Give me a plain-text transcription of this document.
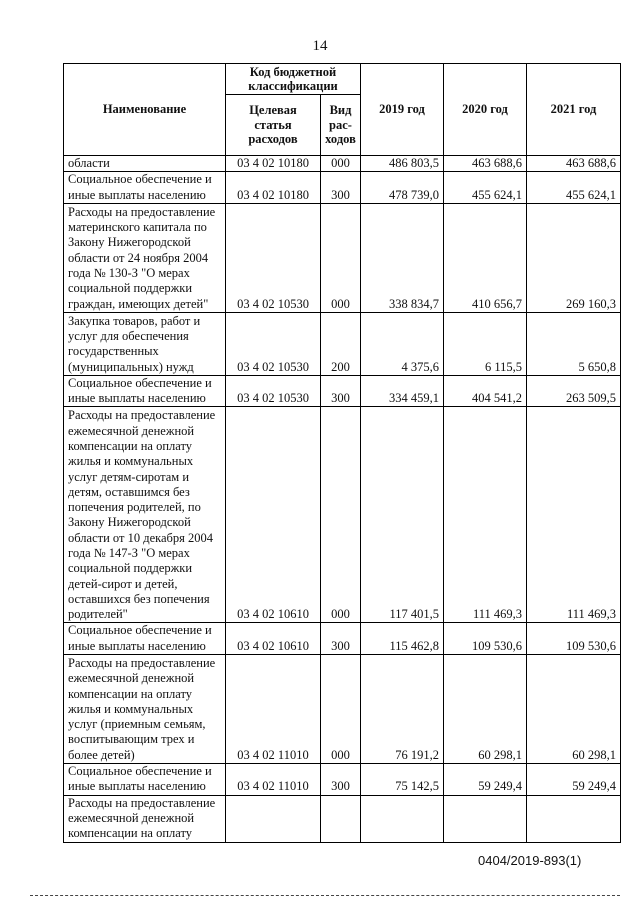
14
Наименование	Код бюджетной классификации		2019 год	2020 год	2021 год
	Целевая статья расходов	Вид рас-ходов			
области	03 4 02 10180	000	486 803,5	463 688,6	463 688,6
Социальное обеспечение и иные выплаты населению	03 4 02 10180	300	478 739,0	455 624,1	455 624,1
Расходы на предоставление материнского капитала по Закону Нижегородской области от 24 ноября 2004 года № 130-З "О мерах социальной поддержки граждан, имеющих детей"	03 4 02 10530	000	338 834,7	410 656,7	269 160,3
Закупка товаров, работ и услуг для обеспечения государственных (муниципальных) нужд	03 4 02 10530	200	4 375,6	6 115,5	5 650,8
Социальное обеспечение и иные выплаты населению	03 4 02 10530	300	334 459,1	404 541,2	263 509,5
Расходы на предоставление ежемесячной денежной компенсации на оплату жилья и коммунальных услуг детям-сиротам и детям, оставшимся без попечения родителей, по Закону Нижегородской области от 10 декабря 2004 года № 147-З "О мерах социальной поддержки детей-сирот и детей, оставшихся без попечения родителей"	03 4 02 10610	000	117 401,5	111 469,3	111 469,3
Социальное обеспечение и иные выплаты населению	03 4 02 10610	300	115 462,8	109 530,6	109 530,6
Расходы на предоставление ежемесячной денежной компенсации на оплату жилья и коммунальных услуг (приемным семьям, воспитывающим трех и более детей)	03 4 02 11010	000	76 191,2	60 298,1	60 298,1
Социальное обеспечение и иные выплаты населению	03 4 02 11010	300	75 142,5	59 249,4	59 249,4
Расходы на предоставление ежемесячной денежной компенсации на оплату					
0404/2019-893(1)
